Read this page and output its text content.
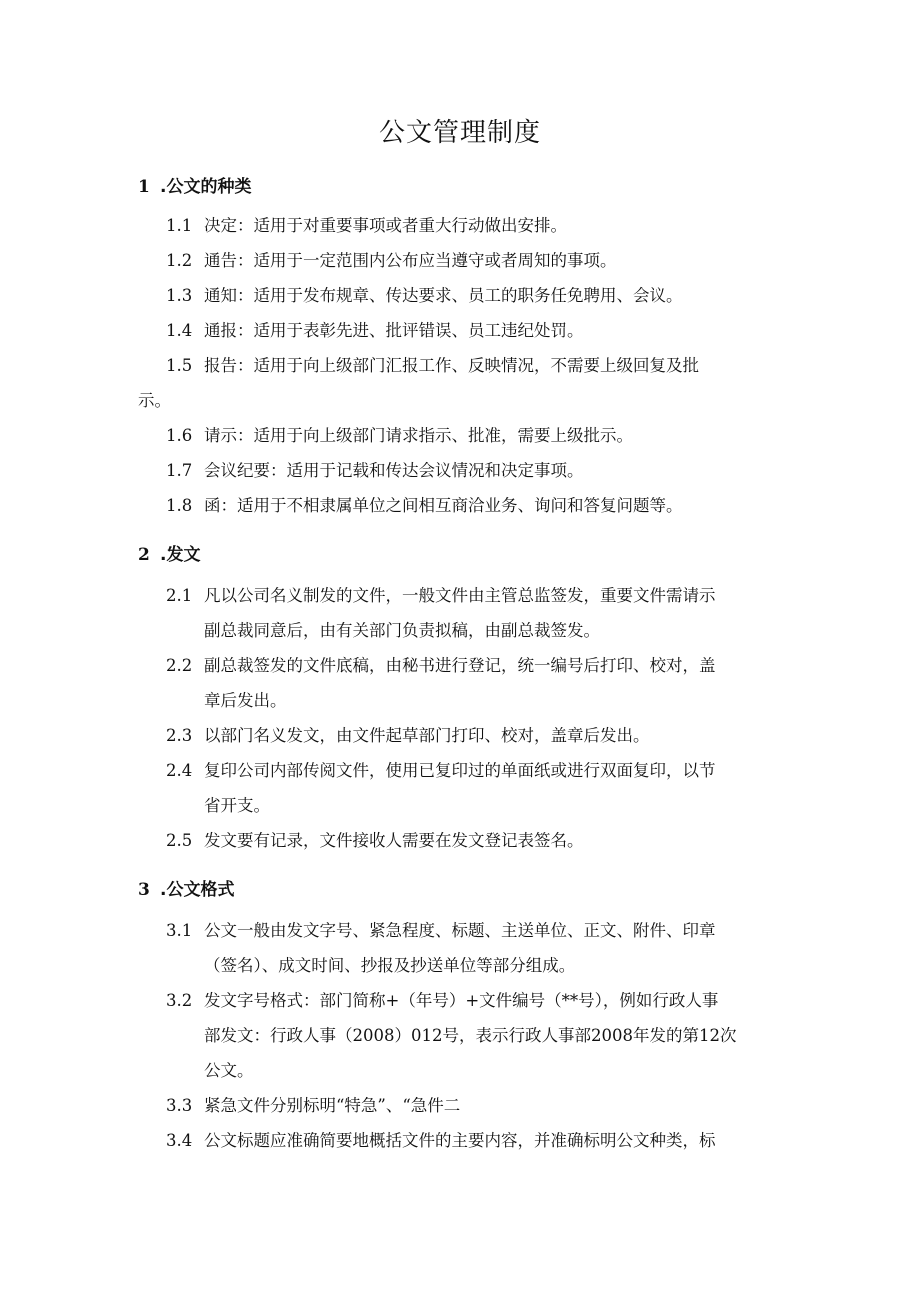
公文管理制度
1 .公文的种类
1.1 决定：适用于对重要事项或者重大行动做出安排。
1.2 通告：适用于一定范围内公布应当遵守或者周知的事项。
1.3 通知：适用于发布规章、传达要求、员工的职务任免聘用、会议。
1.4 通报：适用于表彰先进、批评错误、员工违纪处罚。
1.5 报告：适用于向上级部门汇报工作、反映情况，不需要上级回复及批
示。
1.6 请示：适用于向上级部门请求指示、批准，需要上级批示。
1.7 会议纪要：适用于记载和传达会议情况和决定事项。
1.8 函：适用于不相隶属单位之间相互商洽业务、询问和答复问题等。
2 .发文
2.1 凡以公司名义制发的文件，一般文件由主管总监签发，重要文件需请示
副总裁同意后，由有关部门负责拟稿，由副总裁签发。
2.2 副总裁签发的文件底稿，由秘书进行登记，统一编号后打印、校对，盖
章后发出。
2.3 以部门名义发文，由文件起草部门打印、校对，盖章后发出。
2.4 复印公司内部传阅文件，使用已复印过的单面纸或进行双面复印，以节
省开支。
2.5 发文要有记录，文件接收人需要在发文登记表签名。
3 .公文格式
3.1 公文一般由发文字号、紧急程度、标题、主送单位、正文、附件、印章
（签名）、成文时间、抄报及抄送单位等部分组成。
3.2 发文字号格式：部门简称+（年号）+文件编号（**号），例如行政人事
部发文：行政人事（2008）012号，表示行政人事部2008年发的第12次
公文。
3.3 紧急文件分别标明“特急”、“急件二
3.4 公文标题应准确简要地概括文件的主要内容，并准确标明公文种类，标
